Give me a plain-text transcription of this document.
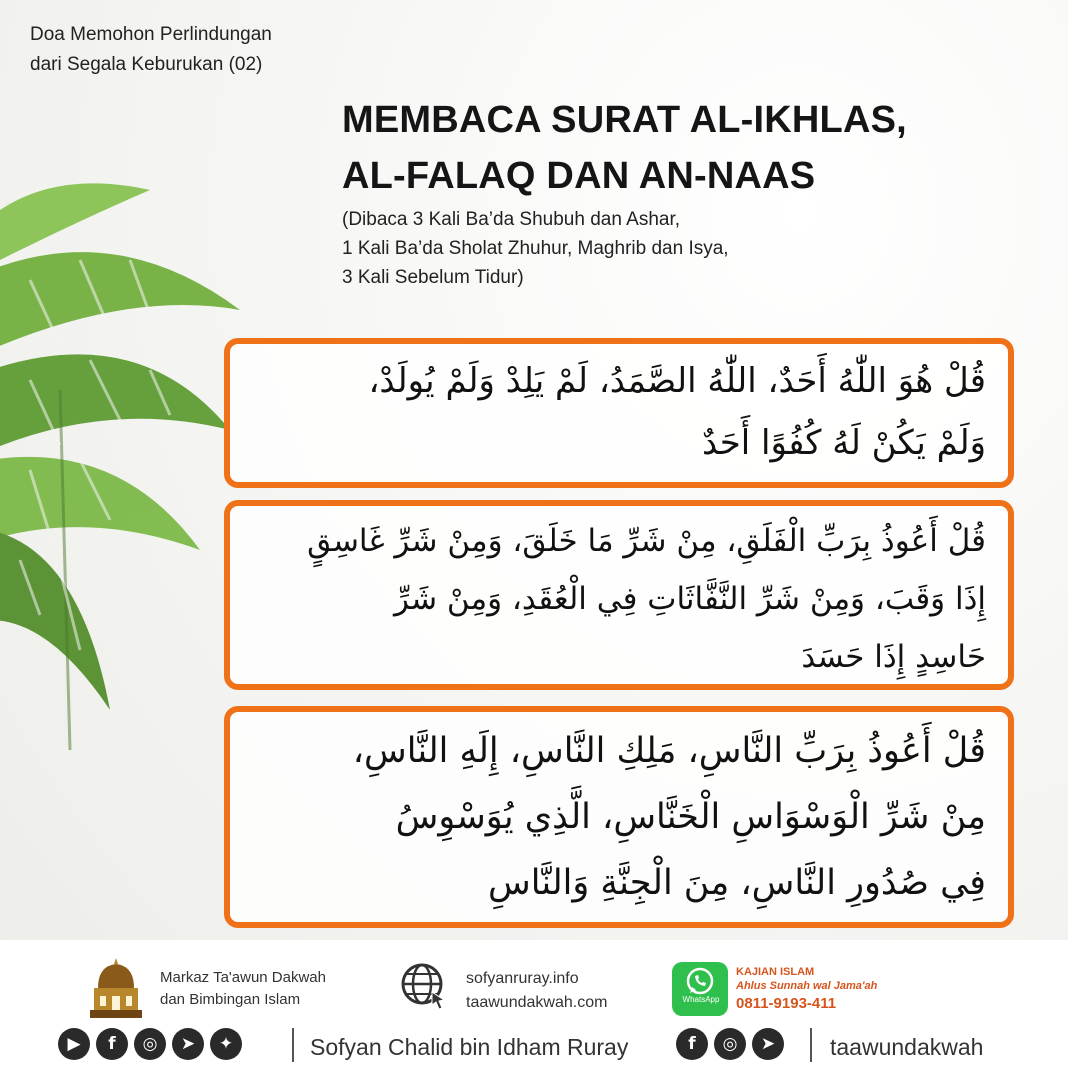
Doa Memohon Perlindungan
dari Segala Keburukan (02)
MEMBACA SURAT AL-IKHLAS,
AL-FALAQ DAN AN-NAAS
(Dibaca 3 Kali Ba’da Shubuh dan Ashar,
1 Kali Ba’da Sholat Zhuhur, Maghrib dan Isya,
3 Kali Sebelum Tidur)
قُلْ هُوَ اللّٰهُ أَحَدٌ، اللّٰهُ الصَّمَدُ، لَمْ يَلِدْ وَلَمْ يُولَدْ،
وَلَمْ يَكُنْ لَهُ كُفُوًا أَحَدٌ
قُلْ أَعُوذُ بِرَبِّ الْفَلَقِ، مِنْ شَرِّ مَا خَلَقَ، وَمِنْ شَرِّ غَاسِقٍ
إِذَا وَقَبَ، وَمِنْ شَرِّ النَّفَّاثَاتِ فِي الْعُقَدِ، وَمِنْ شَرِّ
حَاسِدٍ إِذَا حَسَدَ
قُلْ أَعُوذُ بِرَبِّ النَّاسِ، مَلِكِ النَّاسِ، إِلَهِ النَّاسِ،
مِنْ شَرِّ الْوَسْوَاسِ الْخَنَّاسِ، الَّذِي يُوَسْوِسُ
فِي صُدُورِ النَّاسِ، مِنَ الْجِنَّةِ وَالنَّاسِ
Markaz Ta'awun Dakwah
dan Bimbingan Islam
sofyanruray.info
taawundakwah.com	WhatsApp
KAJIAN ISLAM
Ahlus Sunnah wal Jama'ah
0811-9193-411
▶	f	◎	➤	✦	Sofyan Chalid bin Idham Ruray	f	◎	➤	taawundakwah
